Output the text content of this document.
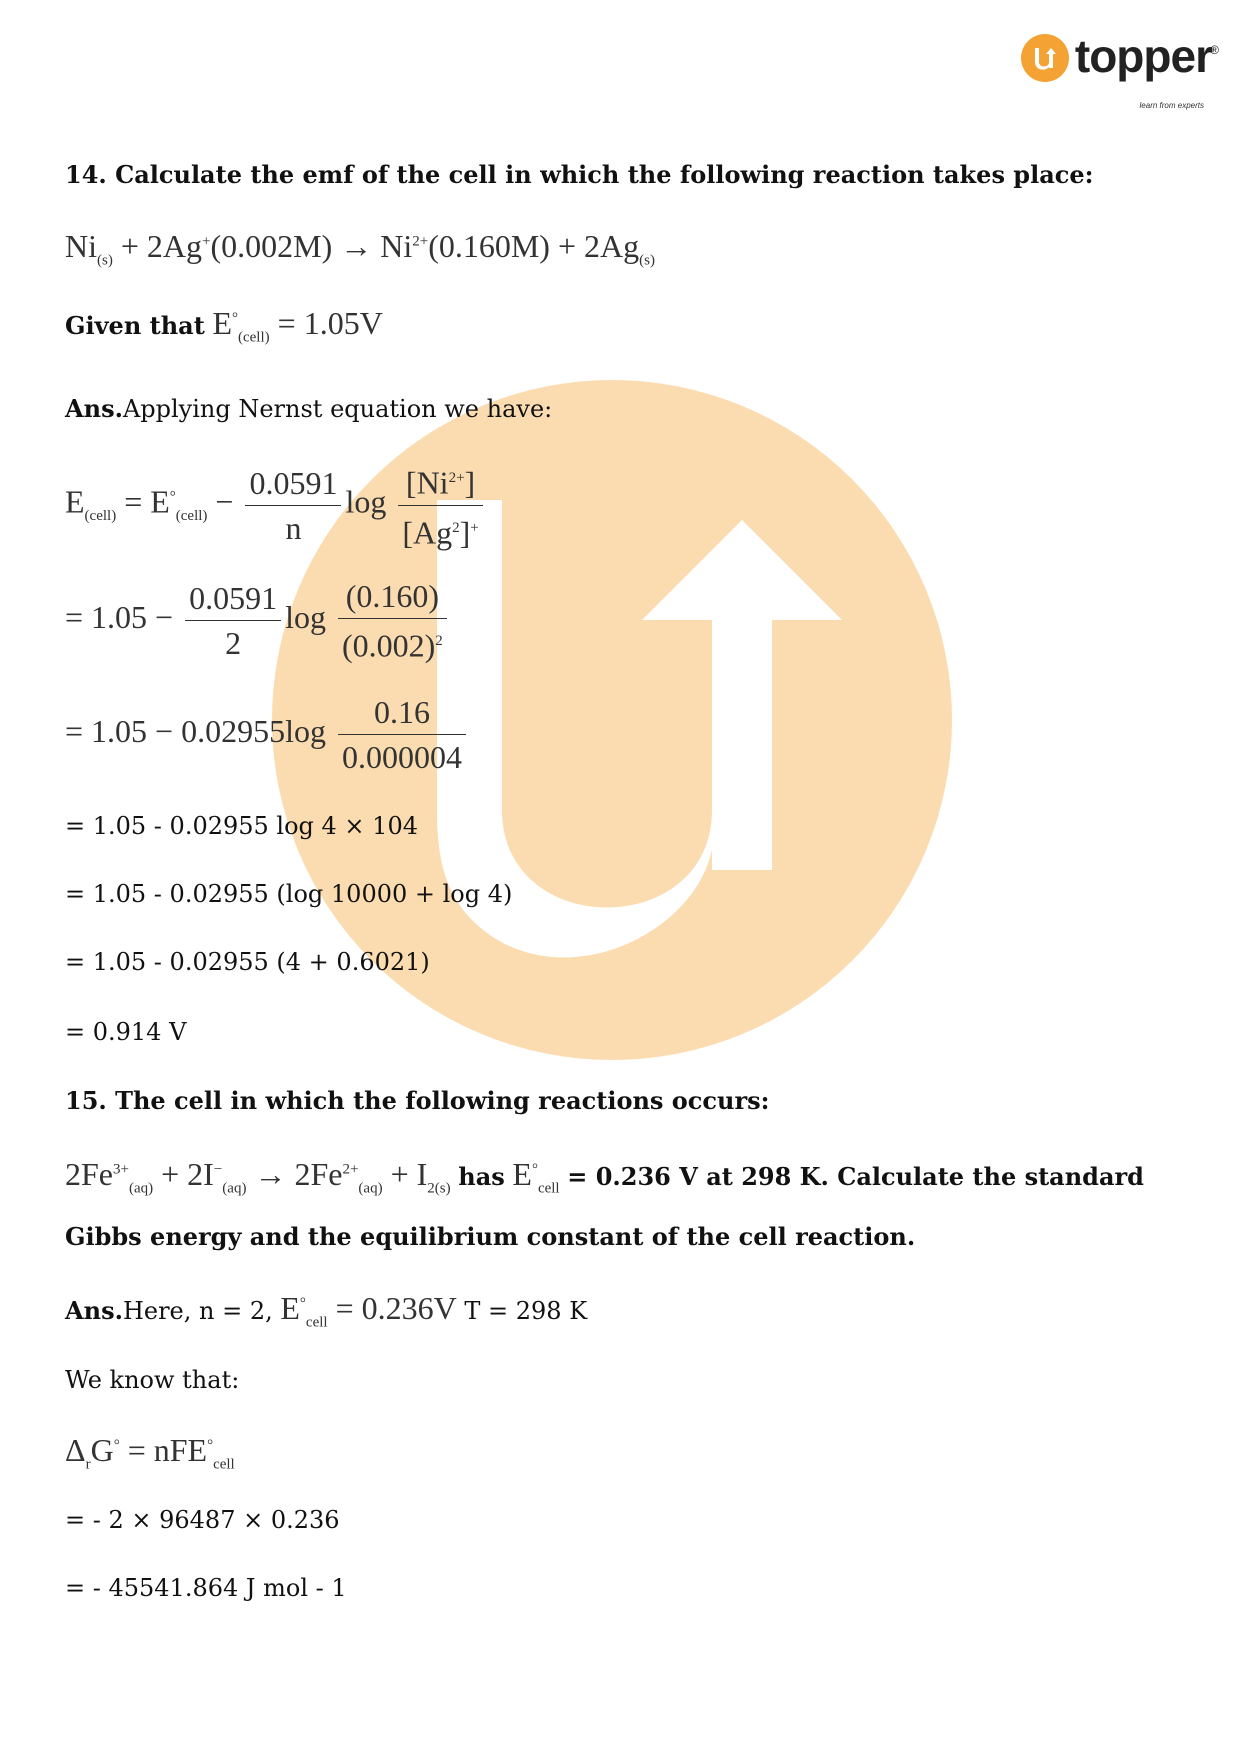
topper
®
learn from experts
14. Calculate the emf of the cell in which the following reaction takes place:
$Ni_{(s)} + 2Ag^+(0.002M) \to Ni^{2+}(0.160M) + 2Ag_{(s)}$
Given that $E^\circ_{(cell)} = 1.05V$
Ans.Applying Nernst equation we have:
$E_{(cell)} = E^\circ_{(cell)} - \frac{0.0591}{n}$ $\log \frac{[Ni^{2+}]}{[Ag^2]^+}$
= $1.05 - \frac{0.0591}{2}$ $\log \frac{(0.160)}{(0.002)^2}$
= $1.05 - 0.02955\log \frac{0.16}{0.000004}$
= 1.05 - 0.02955 log 4 × 104
= 1.05 - 0.02955 (log 10000 + log 4)
= 1.05 - 0.02955 (4 + 0.6021)
= 0.914 V
15. The cell in which the following reactions occurs:
$2Fe^{3+}_{(aq)} + 2I^-_{(aq)} \to 2Fe^{2+}_{(aq)} + I_{2(s)}$ has $E^\circ_{cell} = 0.236$ V at 298 K. Calculate the standard
Gibbs energy and the equilibrium constant of the cell reaction.
Ans.Here, n = 2, $E^\circ_{cell} = 0.236V$ T = 298 K
We know that:
$\Delta_rG^\circ = nFE^\circ_{cell}$
= - 2 × 96487 × 0.236
= - 45541.864 J mol - 1
